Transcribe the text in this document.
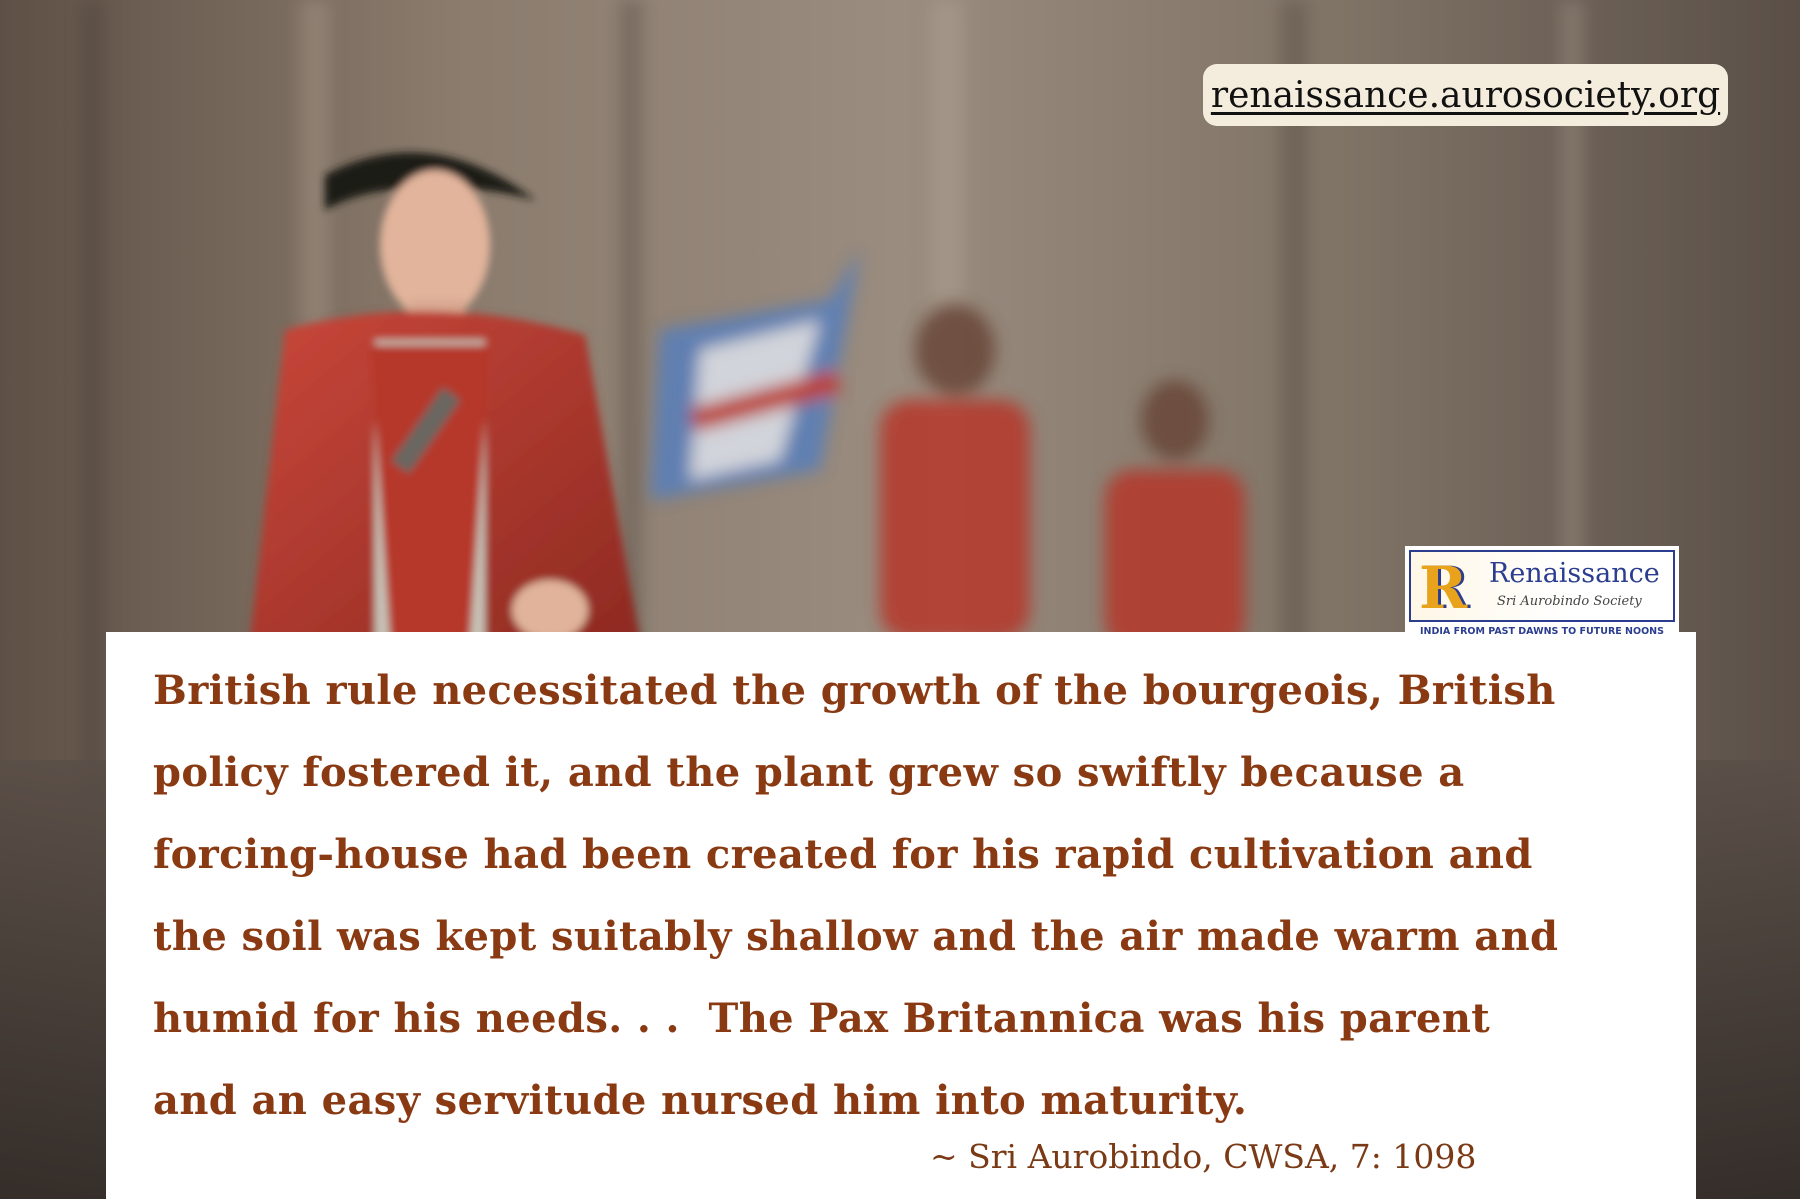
renaissance.aurosociety.org

British rule necessitated the growth of the bourgeois, British
policy fostered it, and the plant grew so swiftly because a
forcing-house had been created for his rapid cultivation and
the soil was kept suitably shallow and the air made warm and
humid for his needs. . .  The Pax Britannica was his parent
and an easy servitude nursed him into maturity.

~ Sri Aurobindo, CWSA, 7: 1098

R Renaissance
Sri Aurobindo Society
INDIA FROM PAST DAWNS TO FUTURE NOONS
